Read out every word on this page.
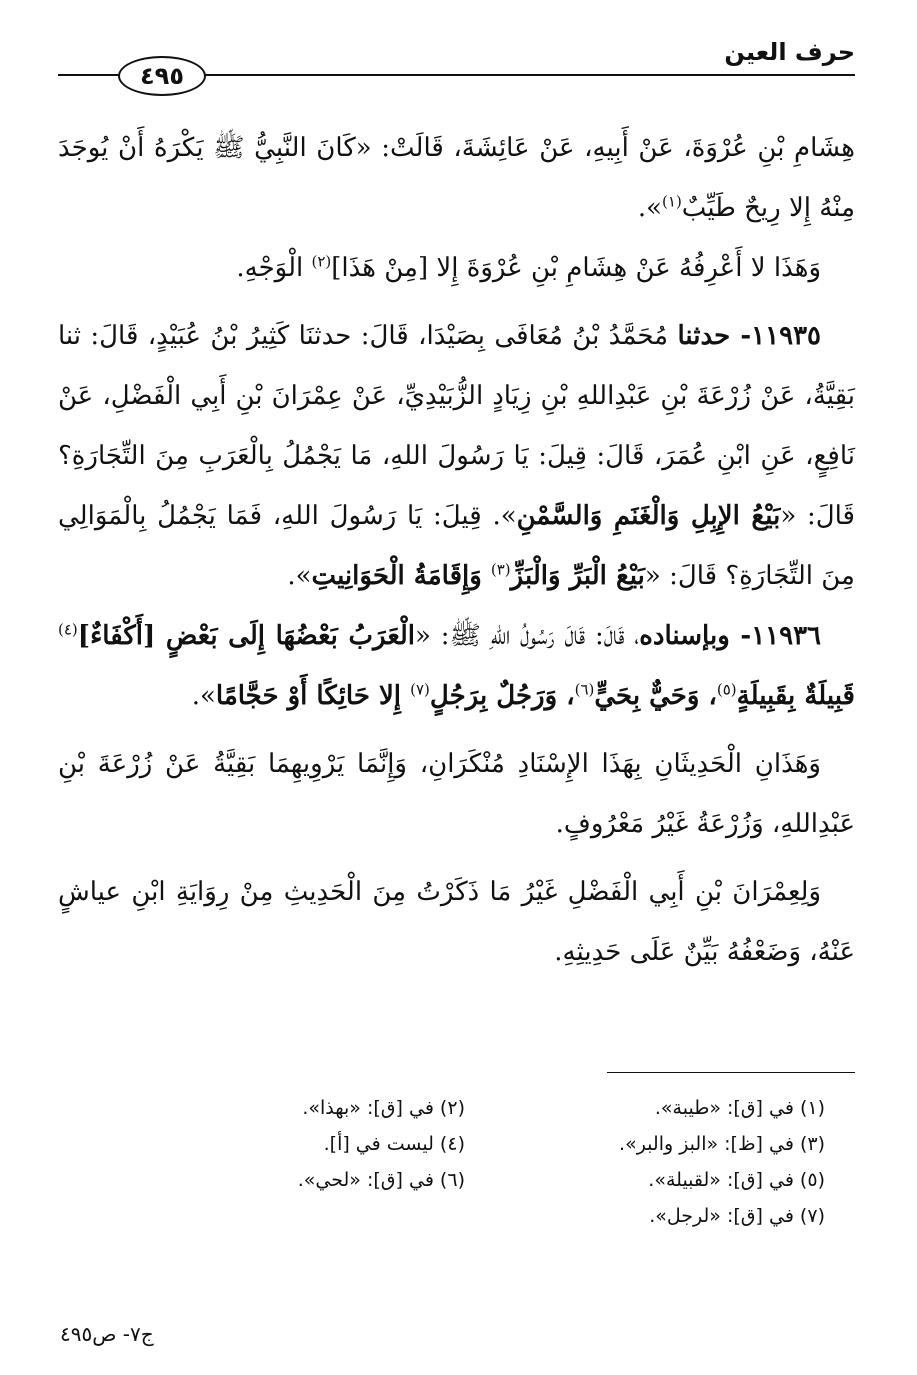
حرف العين
٤٩٥

هِشَامِ بْنِ عُرْوَةَ، عَنْ أَبِيهِ، عَنْ عَائِشَةَ، قَالَتْ: «كَانَ النَّبِيُّ ﷺ يَكْرَهُ أَنْ يُوجَدَ مِنْهُ إِلا رِيحٌ طَيِّبٌ$^{(١)}$».

وَهَذَا لا أَعْرِفُهُ عَنْ هِشَامِ بْنِ عُرْوَةَ إِلا [مِنْ هَذَا]$^{(٢)}$ الْوَجْهِ.

١١٩٣٥- حدثنا مُحَمَّدُ بْنُ مُعَافَى بِصَيْدَا، قَالَ: حدثنَا كَثِيرُ بْنُ عُبَيْدٍ، قَالَ: ثنا بَقِيَّةُ، عَنْ زُرْعَةَ بْنِ عَبْدِاللهِ بْنِ زِيَادٍ الزُّبَيْدِيِّ، عَنْ عِمْرَانَ بْنِ أَبِي الْفَضْلِ، عَنْ نَافِعٍ، عَنِ ابْنِ عُمَرَ، قَالَ: قِيلَ: يَا رَسُولَ اللهِ، مَا يَجْمُلُ بِالْعَرَبِ مِنَ التِّجَارَةِ؟ قَالَ: «بَيْعُ الإِبِلِ وَالْغَنَمِ وَالسَّمْنِ». قِيلَ: يَا رَسُولَ اللهِ، فَمَا يَجْمُلُ بِالْمَوَالِي مِنَ التِّجَارَةِ؟ قَالَ: «بَيْعُ الْبَرِّ وَالْبَزِّ$^{(٣)}$ وَإِقَامَةُ الْحَوَانِيتِ».

١١٩٣٦- وبإسناده، قَالَ: قَالَ رَسُولُ اللهِ ﷺ: «الْعَرَبُ بَعْضُهَا إِلَى بَعْضٍ [أَكْفَاءٌ]$^{(٤)}$ قَبِيلَةٌ بِقَبِيلَةٍ$^{(٥)}$، وَحَيٌّ بِحَيٍّ$^{(٦)}$، وَرَجُلٌ بِرَجُلٍ$^{(٧)}$ إِلا حَائِكًا أَوْ حَجَّامًا».

وَهَذَانِ الْحَدِيثَانِ بِهَذَا الإِسْنَادِ مُنْكَرَانِ، وَإِنَّمَا يَرْوِيهِمَا بَقِيَّةُ عَنْ زُرْعَةَ بْنِ عَبْدِاللهِ، وَزُرْعَةُ غَيْرُ مَعْرُوفٍ.

وَلِعِمْرَانَ بْنِ أَبِي الْفَضْلِ غَيْرُ مَا ذَكَرْتُ مِنَ الْحَدِيثِ مِنْ رِوَايَةِ ابْنِ عياشٍ عَنْهُ، وَضَعْفُهُ بَيِّنٌ عَلَى حَدِيثِهِ.

(١) في [ق]: «طيبة».
(٢) في [ق]: «بهذا».
(٣) في [ظ]: «البز والبر».
(٤) ليست في [أ].
(٥) في [ق]: «لقبيلة».
(٦) في [ق]: «لحي».
(٧) في [ق]: «لرجل».
ج٧- ص٤٩٥
